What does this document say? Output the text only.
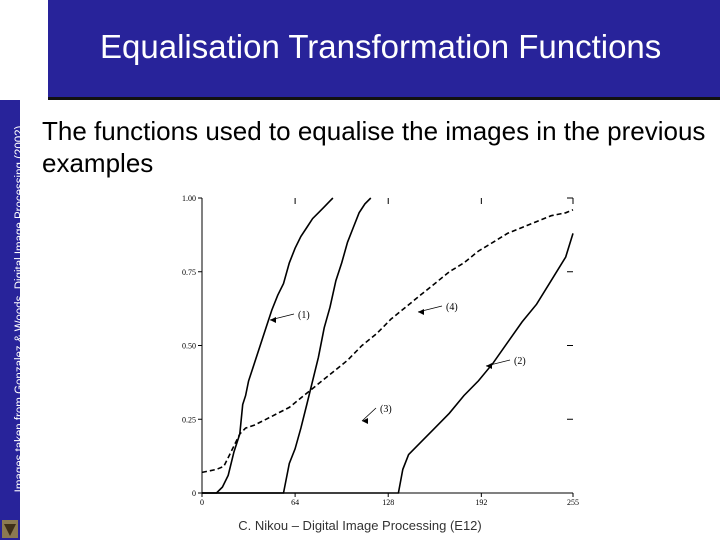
33	Equalisation Transformation Functions
Images taken from Gonzalez & Woods, Digital Image Processing (2002) The functions used to equalise the images in the previous examples
0	64	128	192	255
0
0.25
0.50
0.75
1.00
(1)
(2)
(3)
(4)
C. Nikou – Digital Image Processing (E12)
